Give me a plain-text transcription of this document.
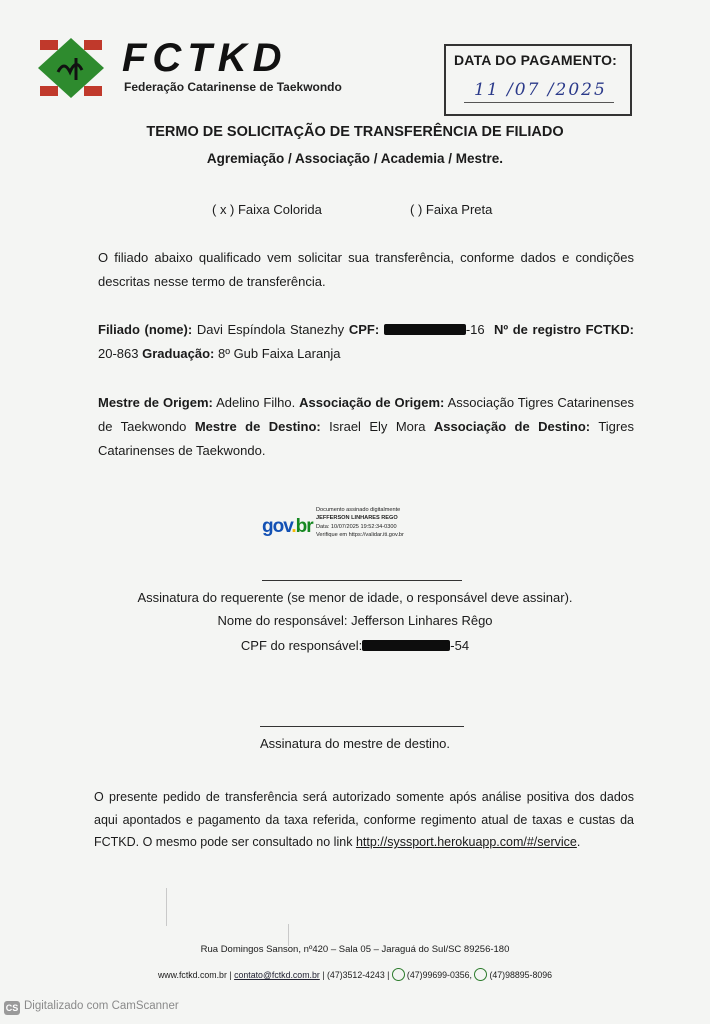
FCTKD
Federação Catarinense de Taekwondo
DATA DO PAGAMENTO:
11 /07 /2025
TERMO DE SOLICITAÇÃO DE TRANSFERÊNCIA DE FILIADO
Agremiação / Associação / Academia / Mestre.
( x ) Faixa Colorida	( ) Faixa Preta
O filiado abaixo qualificado vem solicitar sua transferência, conforme dados e condições descritas nesse termo de transferência.
Filiado (nome): Davi Espíndola Stanezhy CPF:	-16 Nº de registro FCTKD: 20-863 Graduação: 8º Gub Faixa Laranja
Mestre de Origem: Adelino Filho. Associação de Origem: Associação Tigres Catarinenses de Taekwondo Mestre de Destino: Israel Ely Mora Associação de Destino: Tigres Catarinenses de Taekwondo.
gov.br
Documento assinado digitalmente
JEFFERSON LINHARES REGO
Data: 10/07/2025 19:52:34-0300
Verifique em https://validar.iti.gov.br
Assinatura do requerente (se menor de idade, o responsável deve assinar).
Nome do responsável: Jefferson Linhares Rêgo
CPF do responsável:	-54
Assinatura do mestre de destino.
O presente pedido de transferência será autorizado somente após análise positiva dos dados aqui apontados e pagamento da taxa referida, conforme regimento atual de taxas e custas da FCTKD. O mesmo pode ser consultado no link http://syssport.herokuapp.com/#/service.
Rua Domingos Sanson, nº420 – Sala 05 – Jaraguá do Sul/SC 89256-180
www.fctkd.com.br | contato@fctkd.com.br | (47)3512-4243 | (47)99699-0356, (47)98895-8096
CS Digitalizado com CamScanner
